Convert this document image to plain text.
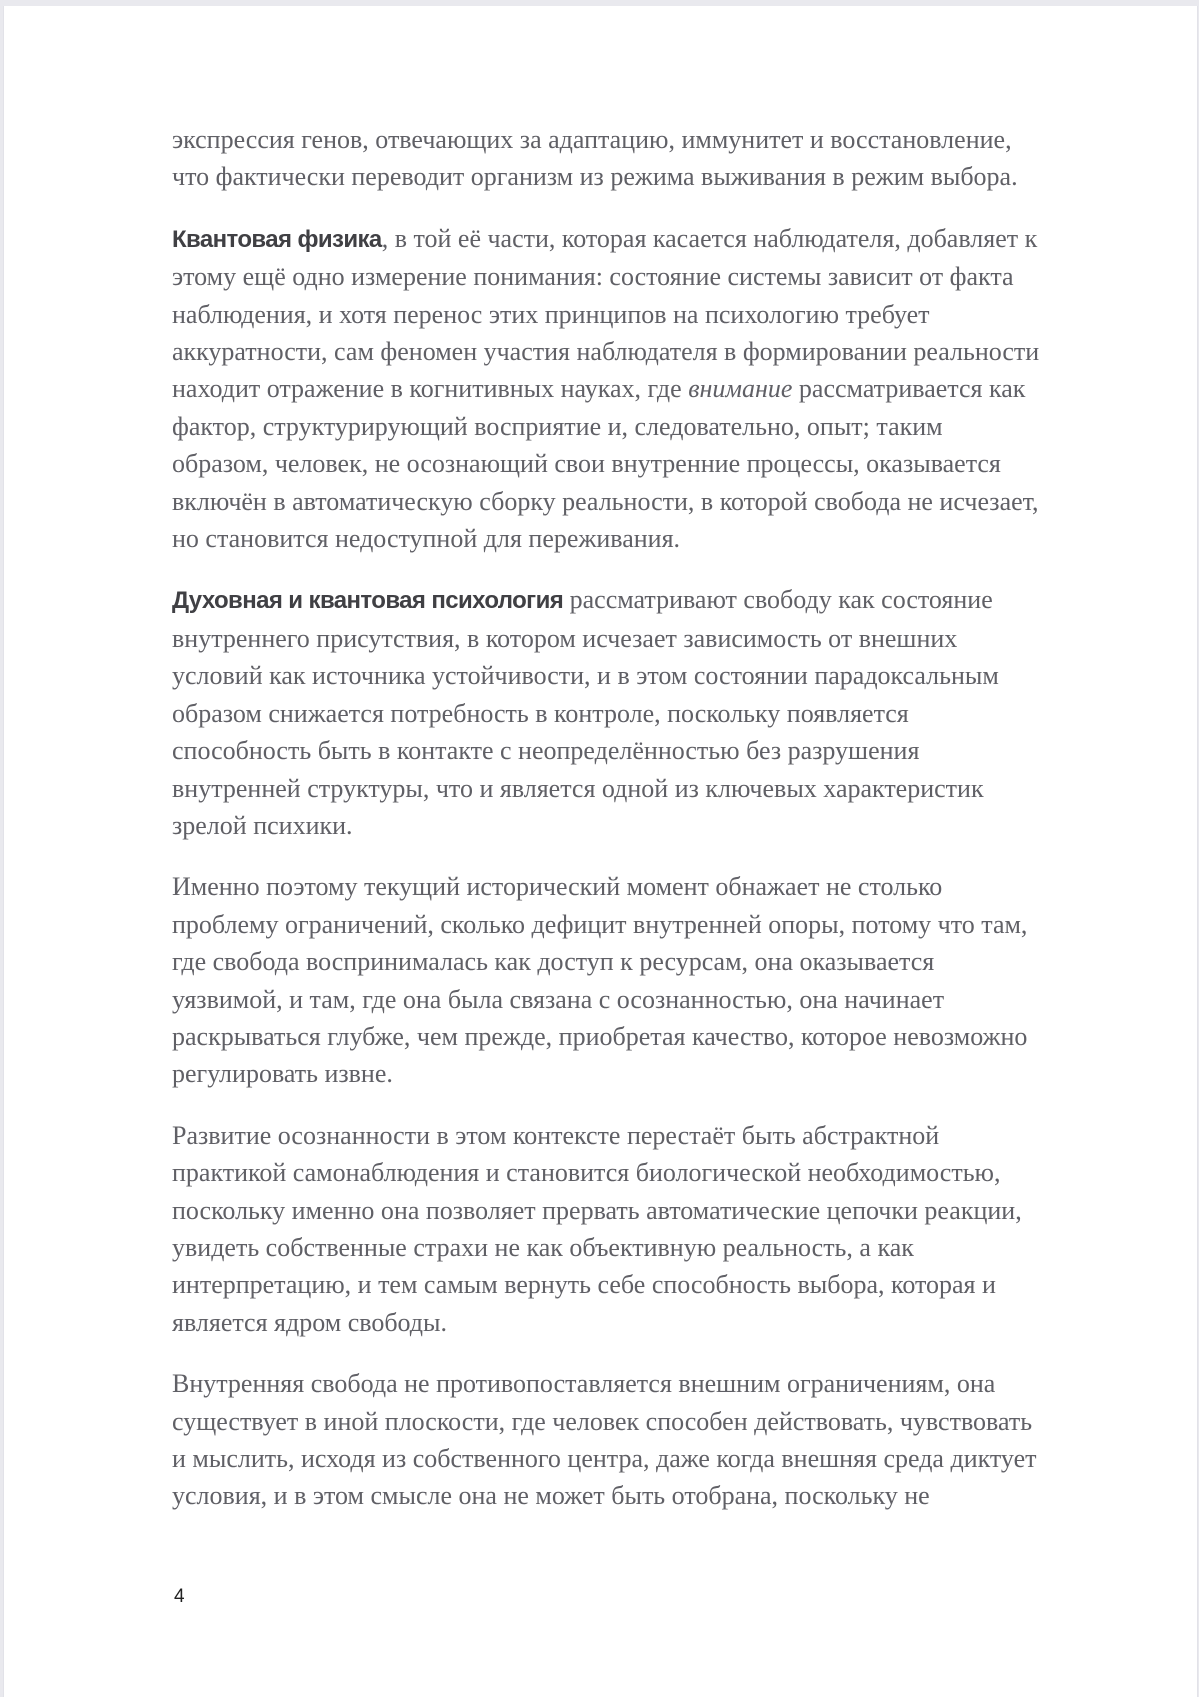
экспрессия генов, отвечающих за адаптацию, иммунитет и восстановление,
что фактически переводит организм из режима выживания в режим выбора.

Квантовая физика, в той её части, которая касается наблюдателя, добавляет к
этому ещё одно измерение понимания: состояние системы зависит от факта
наблюдения, и хотя перенос этих принципов на психологию требует
аккуратности, сам феномен участия наблюдателя в формировании реальности
находит отражение в когнитивных науках, где внимание рассматривается как
фактор, структурирующий восприятие и, следовательно, опыт; таким
образом, человек, не осознающий свои внутренние процессы, оказывается
включён в автоматическую сборку реальности, в которой свобода не исчезает,
но становится недоступной для переживания.

Духовная и квантовая психология рассматривают свободу как состояние
внутреннего присутствия, в котором исчезает зависимость от внешних
условий как источника устойчивости, и в этом состоянии парадоксальным
образом снижается потребность в контроле, поскольку появляется
способность быть в контакте с неопределённостью без разрушения
внутренней структуры, что и является одной из ключевых характеристик
зрелой психики.

Именно поэтому текущий исторический момент обнажает не столько
проблему ограничений, сколько дефицит внутренней опоры, потому что там,
где свобода воспринималась как доступ к ресурсам, она оказывается
уязвимой, и там, где она была связана с осознанностью, она начинает
раскрываться глубже, чем прежде, приобретая качество, которое невозможно
регулировать извне.

Развитие осознанности в этом контексте перестаёт быть абстрактной
практикой самонаблюдения и становится биологической необходимостью,
поскольку именно она позволяет прервать автоматические цепочки реакции,
увидеть собственные страхи не как объективную реальность, а как
интерпретацию, и тем самым вернуть себе способность выбора, которая и
является ядром свободы.

Внутренняя свобода не противопоставляется внешним ограничениям, она
существует в иной плоскости, где человек способен действовать, чувствовать
и мыслить, исходя из собственного центра, даже когда внешняя среда диктует
условия, и в этом смысле она не может быть отобрана, поскольку не

4
